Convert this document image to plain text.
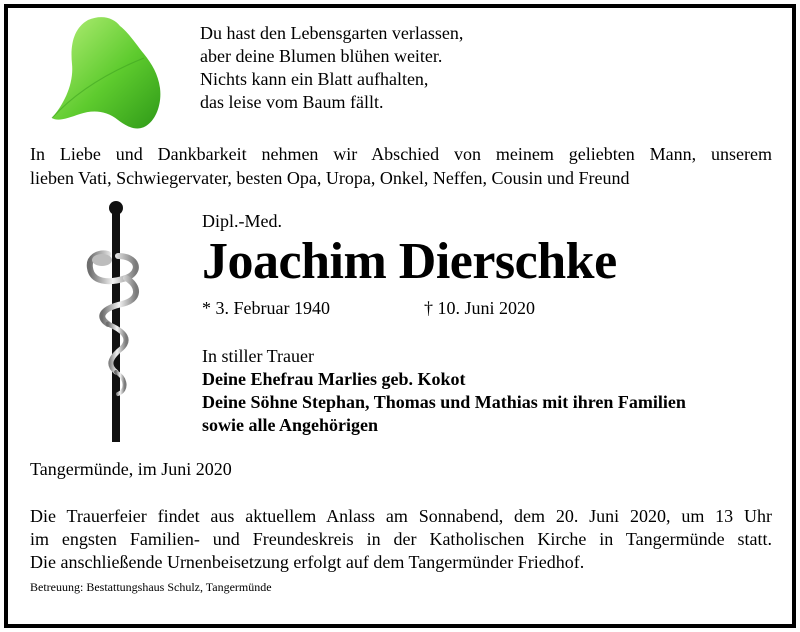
Du hast den Lebensgarten verlassen,
aber deine Blumen blühen weiter.
Nichts kann ein Blatt aufhalten,
das leise vom Baum fällt.
In Liebe und Dankbarkeit nehmen wir Abschied von meinem geliebten Mann, unserem
lieben Vati, Schwiegervater, besten Opa, Uropa, Onkel, Neffen, Cousin und Freund
Dipl.-Med.
Joachim Dierschke
* 3. Februar 1940	† 10. Juni 2020
In stiller Trauer
Deine Ehefrau Marlies geb. Kokot
Deine Söhne Stephan, Thomas und Mathias mit ihren Familien
sowie alle Angehörigen
Tangermünde, im Juni 2020
Die Trauerfeier findet aus aktuellem Anlass am Sonnabend, dem 20. Juni 2020, um 13 Uhr
im engsten Familien- und Freundeskreis in der Katholischen Kirche in Tangermünde statt.
Die anschließende Urnenbeisetzung erfolgt auf dem Tangermünder Friedhof.
Betreuung: Bestattungshaus Schulz, Tangermünde
